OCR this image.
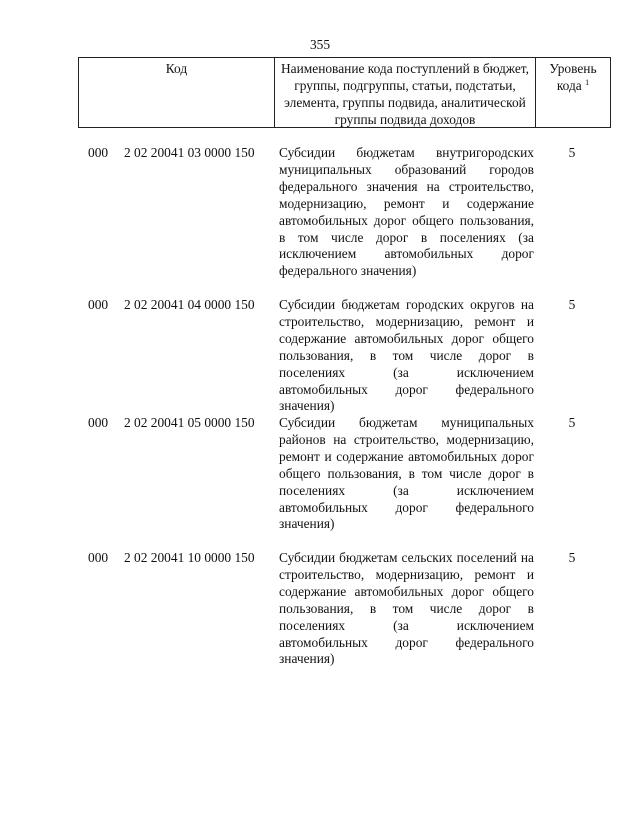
355
Код	Наименование кода поступлений в бюджет, группы, подгруппы, статьи, подстатьи, элемента, группы подвида, аналитической группы подвида доходов
Уровень кода $^1$
000 2 02 20041 03 0000 150 Субсидии бюджетам внутригородских муниципальных образований городов федерального значения на строительство, модернизацию, ремонт и содержание автомобильных дорог общего пользования, в том числе дорог в поселениях (за исключением автомобильных дорог федерального значения)
5
000 2 02 20041 04 0000 150 Субсидии бюджетам городских округов на строительство, модернизацию, ремонт и содержание автомобильных дорог общего пользования, в том числе дорог в поселениях (за исключением автомобильных дорог федерального значения)
5
000 2 02 20041 05 0000 150 Субсидии бюджетам муниципальных районов на строительство, модернизацию, ремонт и содержание автомобильных дорог общего пользования, в том числе дорог в поселениях (за исключением автомобильных дорог федерального значения)
5
000 2 02 20041 10 0000 150 Субсидии бюджетам сельских поселений на строительство, модернизацию, ремонт и содержание автомобильных дорог общего пользования, в том числе дорог в поселениях (за исключением автомобильных дорог федерального значения)
5
